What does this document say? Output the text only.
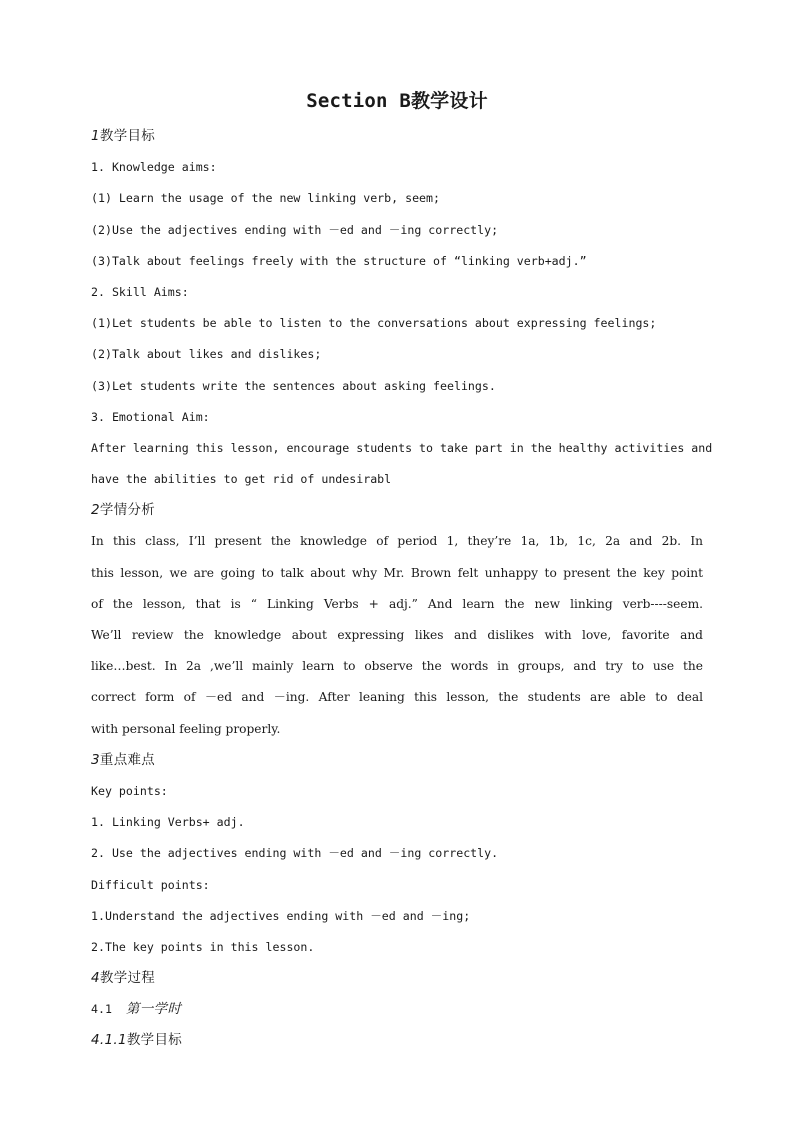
Section B教学设计
1教学目标
1. Knowledge aims:
(1) Learn the usage of the new linking verb, seem;
(2)Use the adjectives ending with －ed and －ing correctly;
(3)Talk about feelings freely with the structure of “linking verb+adj.”
2. Skill Aims:
(1)Let students be able to listen to the conversations about expressing feelings;
(2)Talk about likes and dislikes;
(3)Let students write the sentences about asking feelings.
3. Emotional Aim:
After learning this lesson, encourage students to take part in the healthy activities and
have the abilities to get rid of undesirabl
2学情分析
In this class, I’ll present the knowledge of period 1, they’re 1a, 1b, 1c, 2a and 2b. In
this lesson, we are going to talk about why Mr. Brown felt unhappy to present the key point
of the lesson, that is “ Linking Verbs + adj.” And learn the new linking verb----seem.
We’ll review the knowledge about expressing likes and dislikes with love, favorite and
like…best. In 2a ,we’ll mainly learn to observe the words in groups, and try to use the
correct form of －ed and －ing. After leaning this lesson, the students are able to deal
with personal feeling properly.
3重点难点
Key points:
1. Linking Verbs+ adj.
2. Use the adjectives ending with －ed and －ing correctly.
Difficult points:
1.Understand the adjectives ending with －ed and －ing;
2.The key points in this lesson.
4教学过程
4.1 第一学时
4.1.1教学目标
